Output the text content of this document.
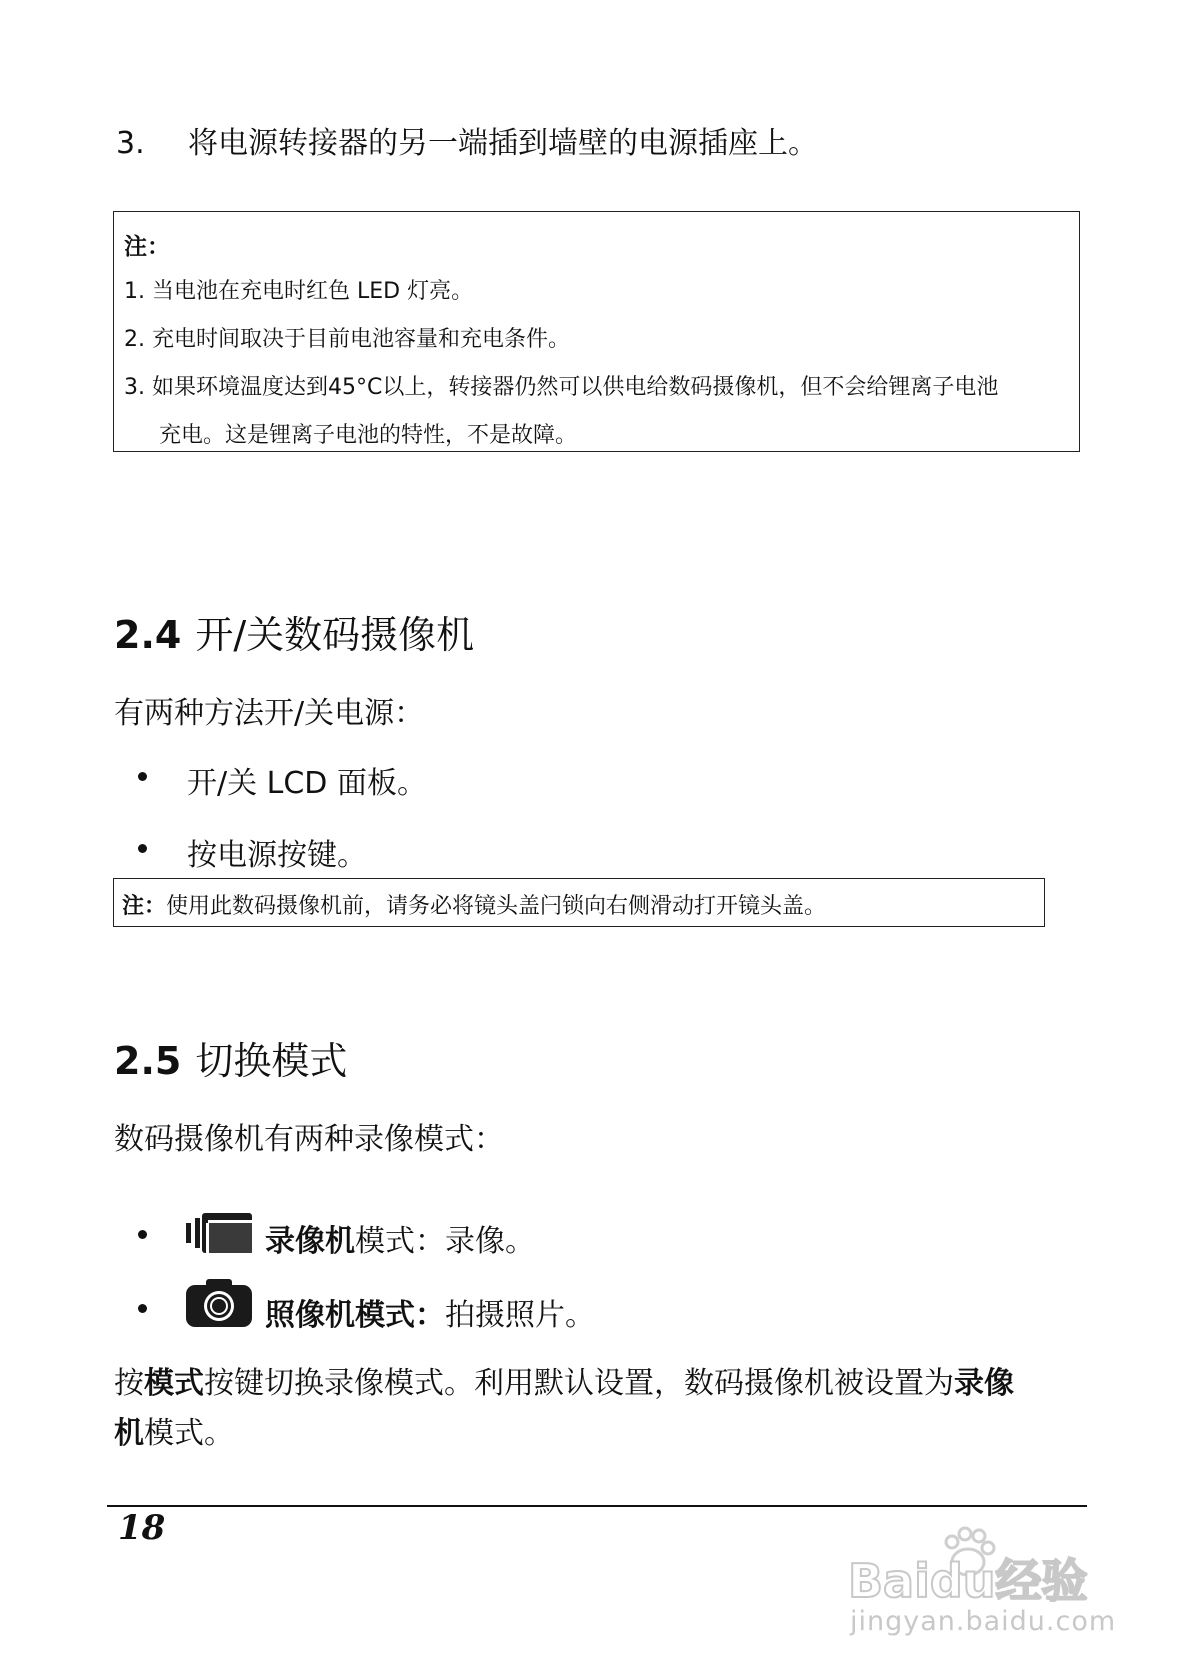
3. 将电源转接器的另一端插到墙壁的电源插座上。
注：
1. 当电池在充电时红色 LED 灯亮。
2. 充电时间取决于目前电池容量和充电条件。
3. 如果环境温度达到45°C以上，转接器仍然可以供电给数码摄像机，但不会给锂离子电池
充电。这是锂离子电池的特性，不是故障。
2.4 开/关数码摄像机
有两种方法开/关电源：
开/关 LCD 面板。
按电源按键。
注：使用此数码摄像机前，请务必将镜头盖闩锁向右侧滑动打开镜头盖。
2.5 切换模式
数码摄像机有两种录像模式：
录像机模式：录像。
照像机模式：拍摄照片。
按模式按键切换录像模式。利用默认设置，数码摄像机被设置为录像
机模式。
18
Baidu经验
jingyan.baidu.com
